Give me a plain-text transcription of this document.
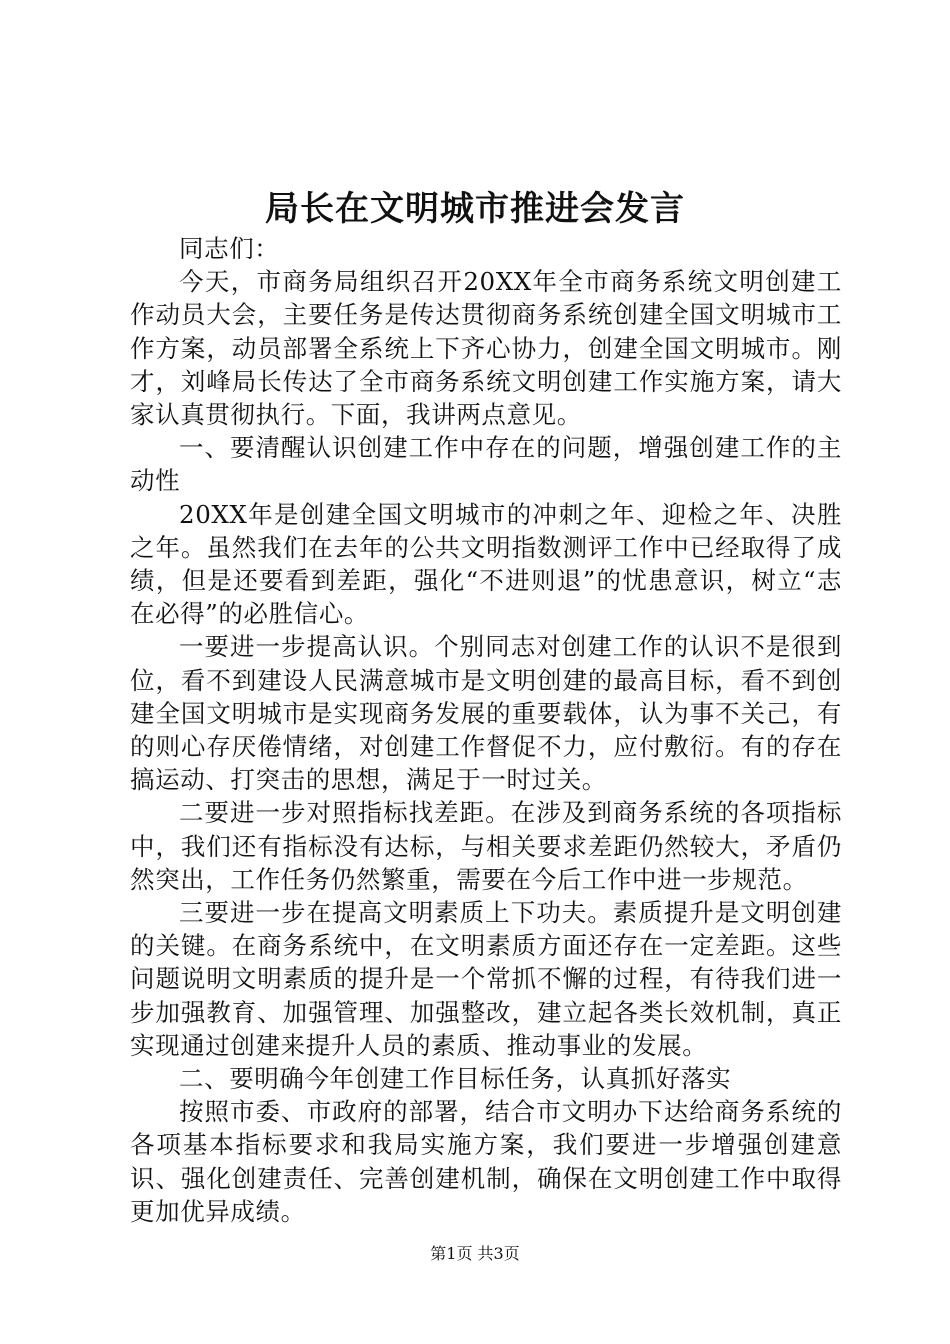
局长在文明城市推进会发言

同志们：

今天，市商务局组织召开20XX年全市商务系统文明创建工作动员大会，主要任务是传达贯彻商务系统创建全国文明城市工作方案，动员部署全系统上下齐心协力，创建全国文明城市。刚才，刘峰局长传达了全市商务系统文明创建工作实施方案，请大家认真贯彻执行。下面，我讲两点意见。

一、要清醒认识创建工作中存在的问题，增强创建工作的主动性

20XX年是创建全国文明城市的冲刺之年、迎检之年、决胜之年。虽然我们在去年的公共文明指数测评工作中已经取得了成绩，但是还要看到差距，强化“不进则退”的忧患意识，树立“志在必得”的必胜信心。

一要进一步提高认识。个别同志对创建工作的认识不是很到位，看不到建设人民满意城市是文明创建的最高目标，看不到创建全国文明城市是实现商务发展的重要载体，认为事不关己，有的则心存厌倦情绪，对创建工作督促不力，应付敷衍。有的存在搞运动、打突击的思想，满足于一时过关。

二要进一步对照指标找差距。在涉及到商务系统的各项指标中，我们还有指标没有达标，与相关要求差距仍然较大，矛盾仍然突出，工作任务仍然繁重，需要在今后工作中进一步规范。

三要进一步在提高文明素质上下功夫。素质提升是文明创建的关键。在商务系统中，在文明素质方面还存在一定差距。这些问题说明文明素质的提升是一个常抓不懈的过程，有待我们进一步加强教育、加强管理、加强整改，建立起各类长效机制，真正实现通过创建来提升人员的素质、推动事业的发展。

二、要明确今年创建工作目标任务，认真抓好落实

按照市委、市政府的部署，结合市文明办下达给商务系统的各项基本指标要求和我局实施方案，我们要进一步增强创建意识、强化创建责任、完善创建机制，确保在文明创建工作中取得更加优异成绩。

第1页 共3页
